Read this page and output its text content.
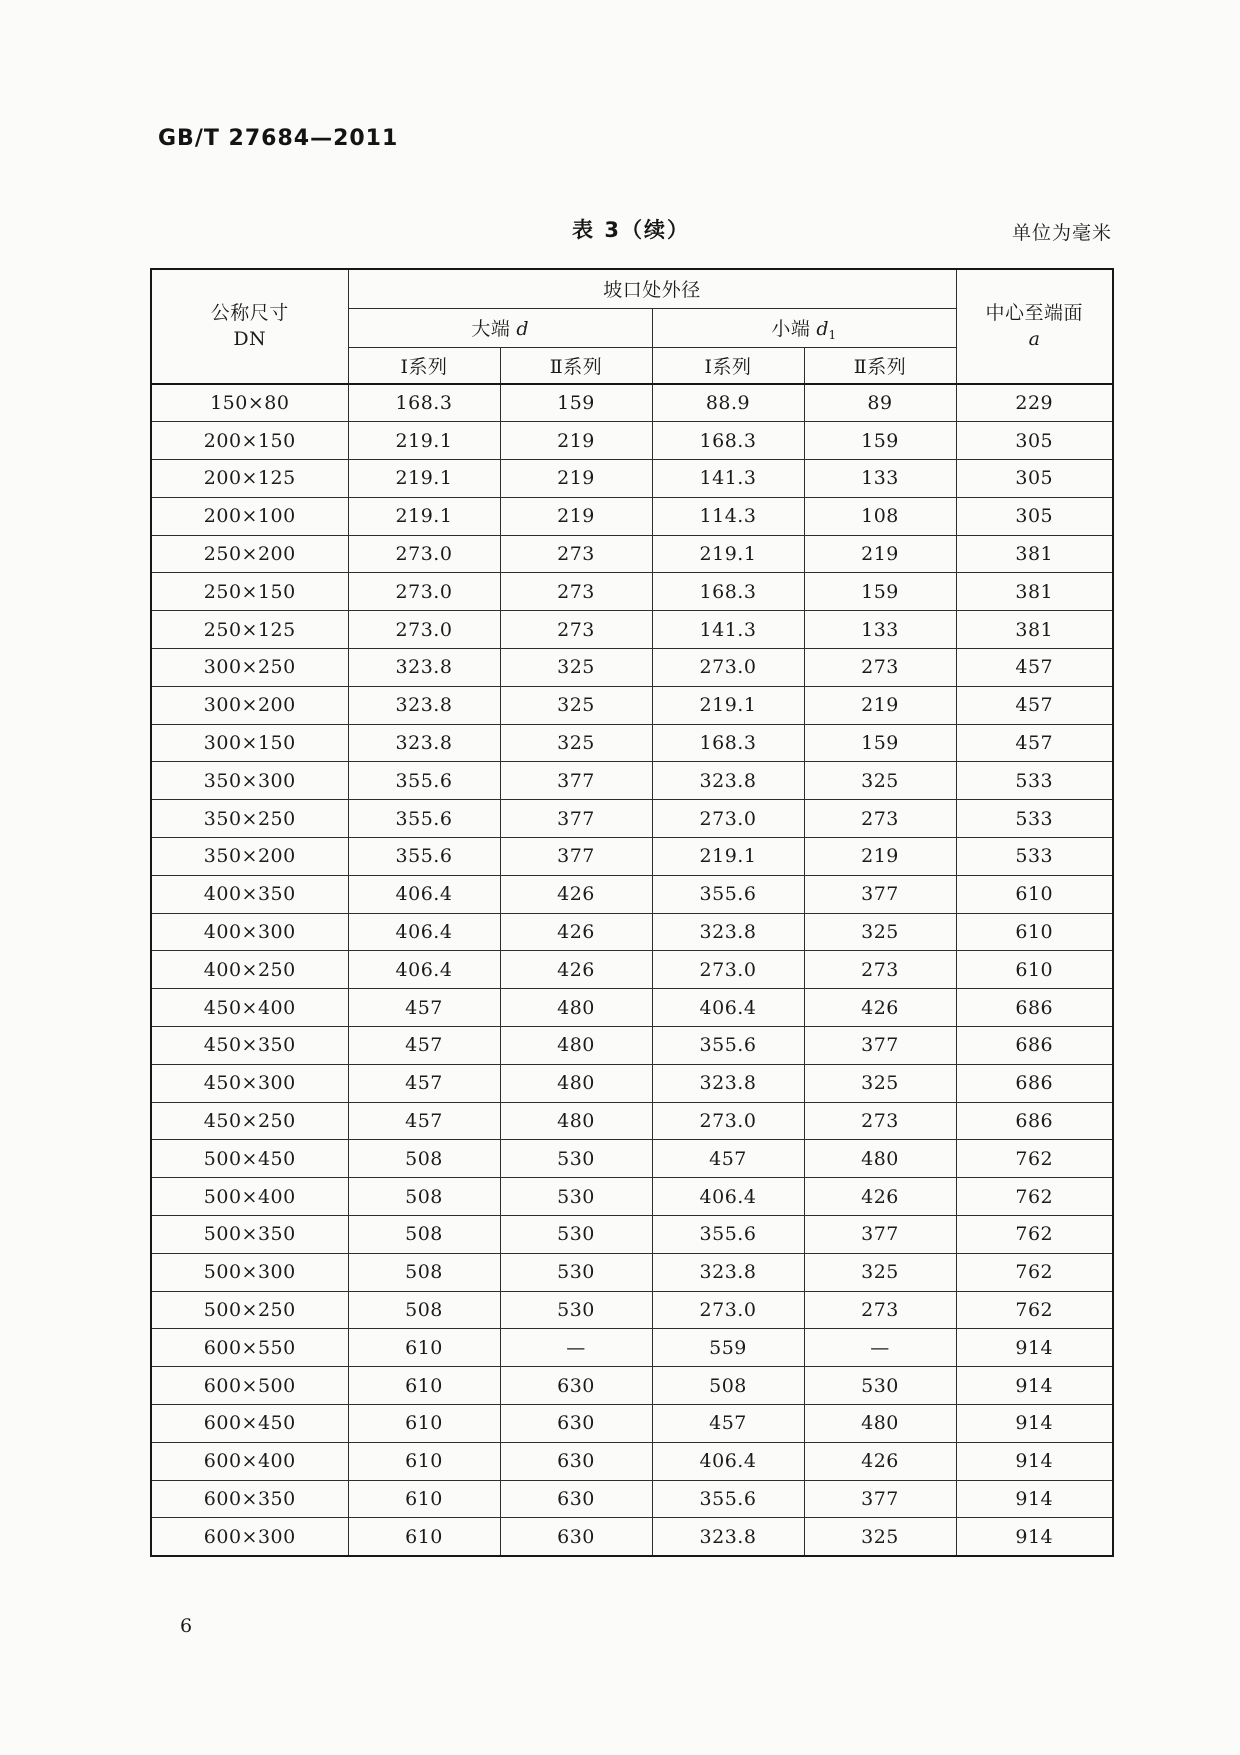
GB/T 27684—2011
表 3（续）	单位为毫米
公称尺寸
DN	坡口处外径				中心至端面
a

	大端 d		小端 $d_1$
	Ⅰ系列	Ⅱ系列	Ⅰ系列	Ⅱ系列	
150×80	168.3	159	88.9	89	229
200×150	219.1	219	168.3	159	305
200×125	219.1	219	141.3	133	305
200×100	219.1	219	114.3	108	305
250×200	273.0	273	219.1	219	381
250×150	273.0	273	168.3	159	381
250×125	273.0	273	141.3	133	381
300×250	323.8	325	273.0	273	457
300×200	323.8	325	219.1	219	457
300×150	323.8	325	168.3	159	457
350×300	355.6	377	323.8	325	533
350×250	355.6	377	273.0	273	533
350×200	355.6	377	219.1	219	533
400×350	406.4	426	355.6	377	610
400×300	406.4	426	323.8	325	610
400×250	406.4	426	273.0	273	610
450×400	457	480	406.4	426	686
450×350	457	480	355.6	377	686
450×300	457	480	323.8	325	686
450×250	457	480	273.0	273	686
500×450	508	530	457	480	762
500×400	508	530	406.4	426	762
500×350	508	530	355.6	377	762
500×300	508	530	323.8	325	762
500×250	508	530	273.0	273	762
600×550	610	—	559	—	914
600×500	610	630	508	530	914
600×450	610	630	457	480	914
600×400	610	630	406.4	426	914
600×350	610	630	355.6	377	914
600×300	610	630	323.8	325	914
6
